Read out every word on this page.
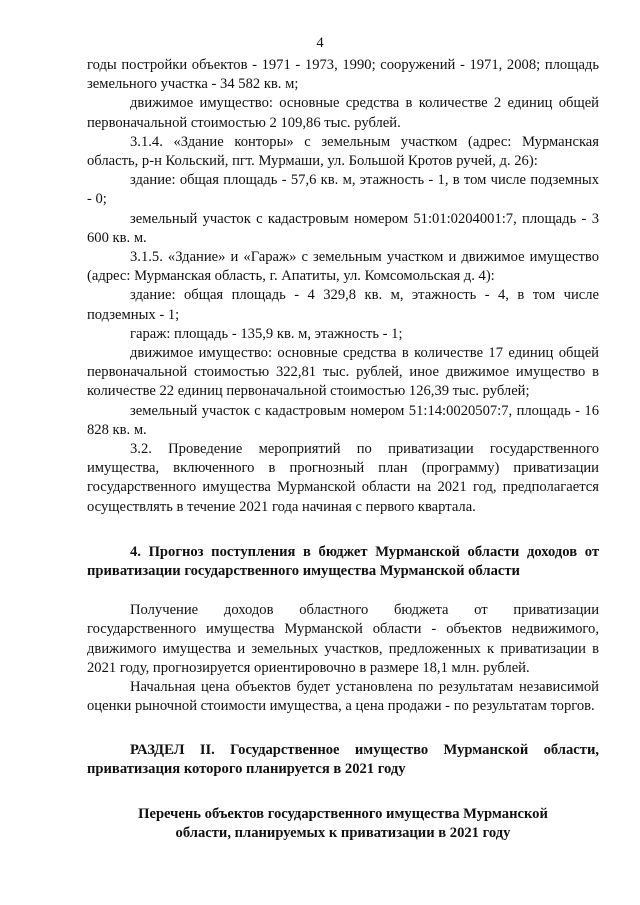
4

годы постройки объектов - 1971 - 1973, 1990; сооружений - 1971, 2008; площадь земельного участка - 34 582 кв. м;

движимое имущество: основные средства в количестве 2 единиц общей первоначальной стоимостью 2 109,86 тыс. рублей.

3.1.4. «Здание конторы» с земельным участком (адрес: Мурманская область, р-н Кольский, пгт. Мурмаши, ул. Большой Кротов ручей, д. 26):

здание: общая площадь - 57,6 кв. м, этажность - 1, в том числе подземных - 0;

земельный участок с кадастровым номером 51:01:0204001:7, площадь - 3 600 кв. м.

3.1.5. «Здание» и «Гараж» с земельным участком и движимое имущество (адрес: Мурманская область, г. Апатиты, ул. Комсомольская д. 4):

здание: общая площадь - 4 329,8 кв. м, этажность - 4, в том числе подземных - 1;

гараж: площадь - 135,9 кв. м, этажность - 1;

движимое имущество: основные средства в количестве 17 единиц общей первоначальной стоимостью 322,81 тыс. рублей, иное движимое имущество в количестве 22 единиц первоначальной стоимостью 126,39 тыс. рублей;

земельный участок с кадастровым номером 51:14:0020507:7, площадь - 16 828 кв. м.

3.2. Проведение мероприятий по приватизации государственного имущества, включенного в прогнозный план (программу) приватизации государственного имущества Мурманской области на 2021 год, предполагается осуществлять в течение 2021 года начиная с первого квартала.

4. Прогноз поступления в бюджет Мурманской области доходов от приватизации государственного имущества Мурманской области

Получение доходов областного бюджета от приватизации государственного имущества Мурманской области - объектов недвижимого, движимого имущества и земельных участков, предложенных к приватизации в 2021 году, прогнозируется ориентировочно в размере 18,1 млн. рублей.

Начальная цена объектов будет установлена по результатам независимой оценки рыночной стоимости имущества, а цена продажи - по результатам торгов.

РАЗДЕЛ II. Государственное имущество Мурманской области, приватизация которого планируется в 2021 году

Перечень объектов государственного имущества Мурманской области, планируемых к приватизации в 2021 году
